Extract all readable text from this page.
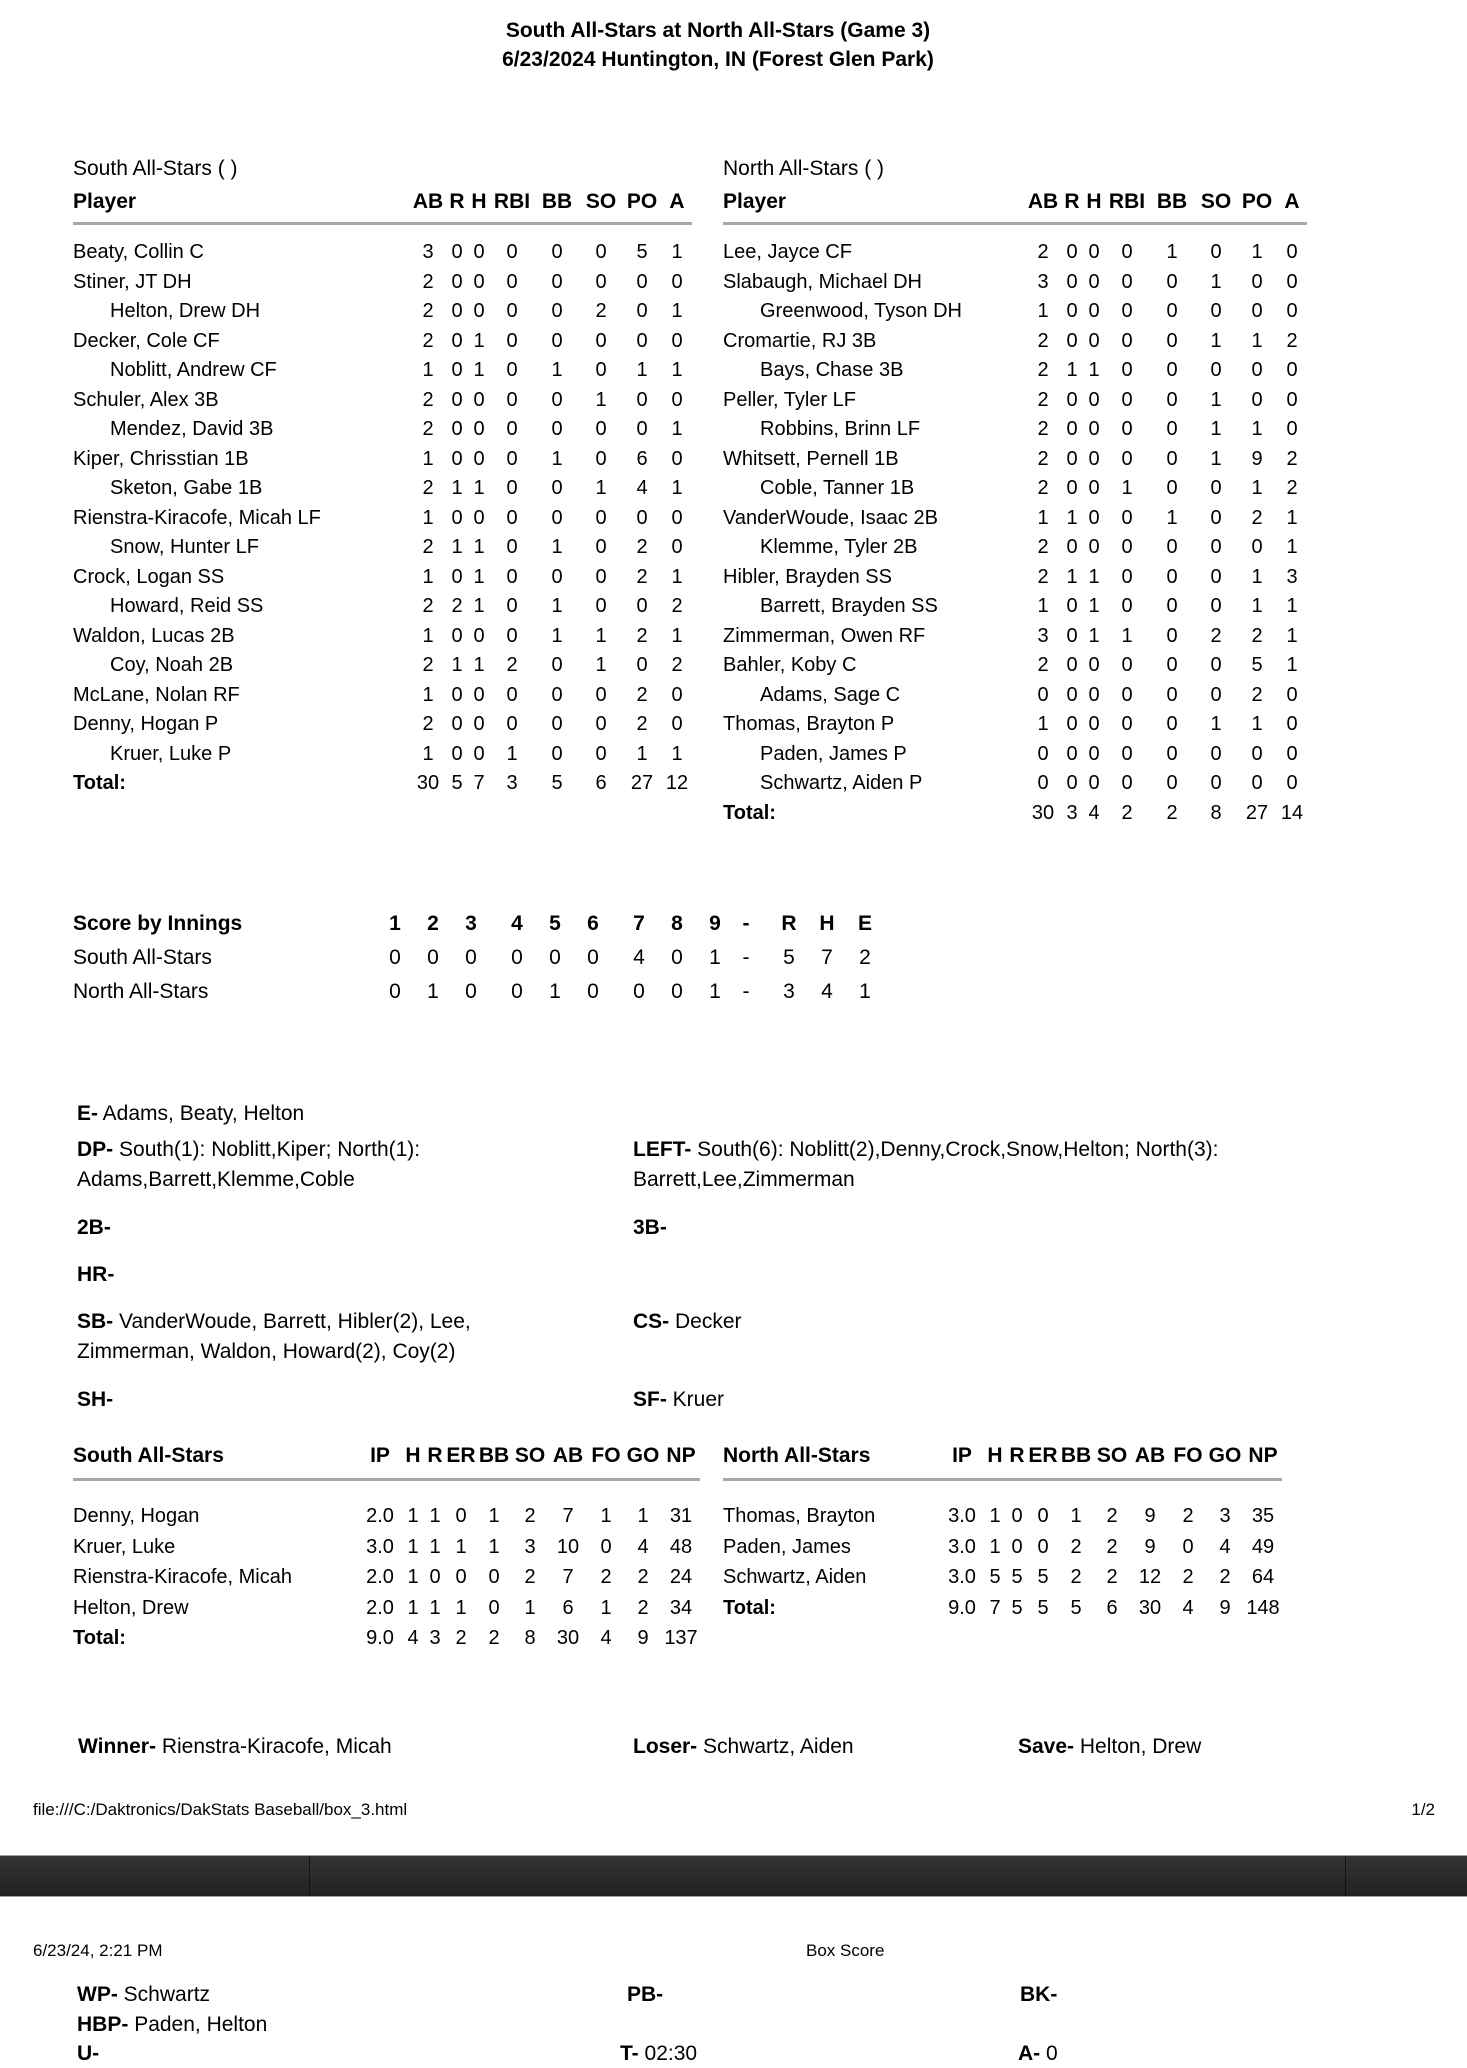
South All-Stars at North All-Stars (Game 3)
6/23/2024 Huntington, IN (Forest Glen Park)
South All-Stars ( )
Player	AB	R	H	RBI	BB	SO	PO	A
Beaty, Collin C	3	0	0	0	0	0	5	1
Stiner, JT DH	2	0	0	0	0	0	0	0
Helton, Drew DH	2	0	0	0	0	2	0	1
Decker, Cole CF	2	0	1	0	0	0	0	0
Noblitt, Andrew CF	1	0	1	0	1	0	1	1
Schuler, Alex 3B	2	0	0	0	0	1	0	0
Mendez, David 3B	2	0	0	0	0	0	0	1
Kiper, Chrisstian 1B	1	0	0	0	1	0	6	0
Sketon, Gabe 1B	2	1	1	0	0	1	4	1
Rienstra-Kiracofe, Micah LF	1	0	0	0	0	0	0	0
Snow, Hunter LF	2	1	1	0	1	0	2	0
Crock, Logan SS	1	0	1	0	0	0	2	1
Howard, Reid SS	2	2	1	0	1	0	0	2
Waldon, Lucas 2B	1	0	0	0	1	1	2	1
Coy, Noah 2B	2	1	1	2	0	1	0	2
McLane, Nolan RF	1	0	0	0	0	0	2	0
Denny, Hogan P	2	0	0	0	0	0	2	0
Kruer, Luke P	1	0	0	1	0	0	1	1
Total:	30	5	7	3	5	6	27	12
North All-Stars ( )
Player	AB	R	H	RBI	BB	SO	PO	A
Lee, Jayce CF	2	0	0	0	1	0	1	0
Slabaugh, Michael DH	3	0	0	0	0	1	0	0
Greenwood, Tyson DH	1	0	0	0	0	0	0	0
Cromartie, RJ 3B	2	0	0	0	0	1	1	2
Bays, Chase 3B	2	1	1	0	0	0	0	0
Peller, Tyler LF	2	0	0	0	0	1	0	0
Robbins, Brinn LF	2	0	0	0	0	1	1	0
Whitsett, Pernell 1B	2	0	0	0	0	1	9	2
Coble, Tanner 1B	2	0	0	1	0	0	1	2
VanderWoude, Isaac 2B	1	1	0	0	1	0	2	1
Klemme, Tyler 2B	2	0	0	0	0	0	0	1
Hibler, Brayden SS	2	1	1	0	0	0	1	3
Barrett, Brayden SS	1	0	1	0	0	0	1	1
Zimmerman, Owen RF	3	0	1	1	0	2	2	1
Bahler, Koby C	2	0	0	0	0	0	5	1
Adams, Sage C	0	0	0	0	0	0	2	0
Thomas, Brayton P	1	0	0	0	0	1	1	0
Paden, James P	0	0	0	0	0	0	0	0
Schwartz, Aiden P	0	0	0	0	0	0	0	0
Total:	30	3	4	2	2	8	27	14
Score by Innings	1	2	3	4	5	6	7	8	9	-	R	H	E
South All-Stars	0	0	0	0	0	0	4	0	1	-	5	7	2
North All-Stars	0	1	0	0	1	0	0	0	1	-	3	4	1
E- Adams, Beaty, Helton
DP- South(1): Noblitt,Kiper; North(1): Adams,Barrett,Klemme,Coble
2B-
HR-
SB- VanderWoude, Barrett, Hibler(2), Lee, Zimmerman, Waldon, Howard(2), Coy(2)
SH-
LEFT- South(6): Noblitt(2),Denny,Crock,Snow,Helton; North(3): Barrett,Lee,Zimmerman
3B-
CS- Decker
SF- Kruer
South All-Stars	IP	H	R	ER	BB	SO	AB	FO	GO	NP
Denny, Hogan	2.0	1	1	0	1	2	7	1	1	31
Kruer, Luke	3.0	1	1	1	1	3	10	0	4	48
Rienstra-Kiracofe, Micah	2.0	1	0	0	0	2	7	2	2	24
Helton, Drew	2.0	1	1	1	0	1	6	1	2	34
Total:	9.0	4	3	2	2	8	30	4	9	137
North All-Stars	IP	H	R	ER	BB	SO	AB	FO	GO	NP
Thomas, Brayton	3.0	1	0	0	1	2	9	2	3	35
Paden, James	3.0	1	0	0	2	2	9	0	4	49
Schwartz, Aiden	3.0	5	5	5	2	2	12	2	2	64
Total:	9.0	7	5	5	5	6	30	4	9	148
Winner- Rienstra-Kiracofe, Micah	Loser- Schwartz, Aiden	Save- Helton, Drew
file:///C:/Daktronics/DakStats Baseball/box_3.html	1/2
6/23/24, 2:21 PM	Box Score
WP- Schwartz	PB-	BK-
HBP- Paden, Helton
U-	T- 02:30	A- 0
